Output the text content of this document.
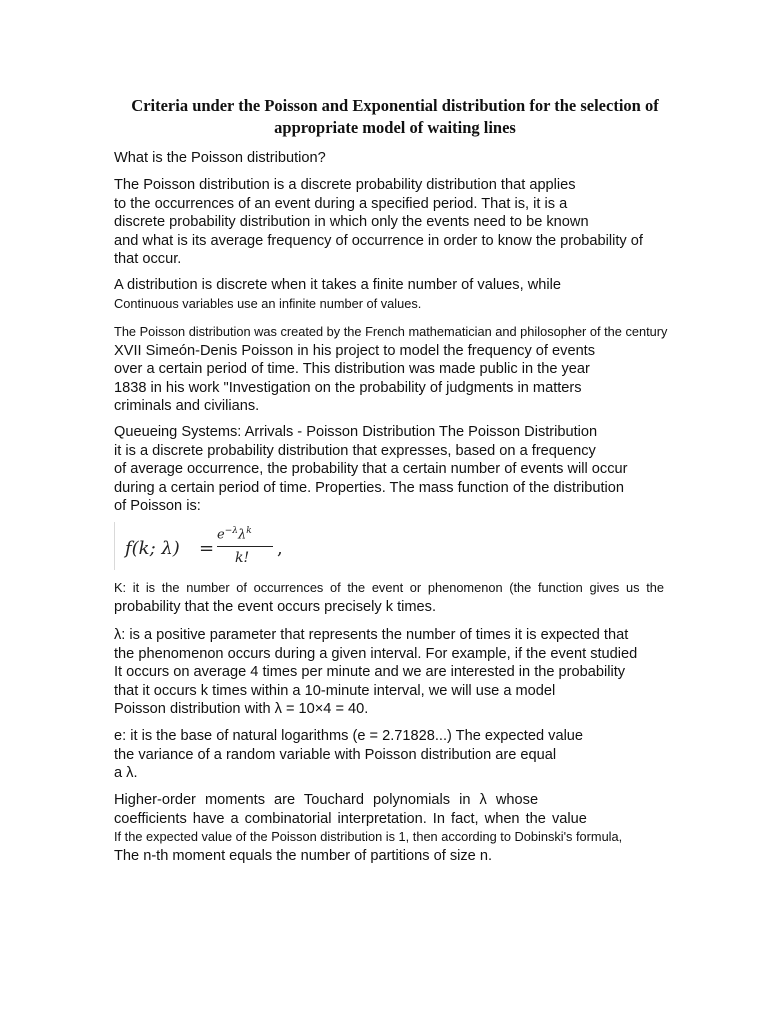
Criteria under the Poisson and Exponential distribution for the selection of
appropriate model of waiting lines
What is the Poisson distribution?
The Poisson distribution is a discrete probability distribution that applies
to the occurrences of an event during a specified period. That is, it is a
discrete probability distribution in which only the events need to be known
and what is its average frequency of occurrence in order to know the probability of
that occur.
A distribution is discrete when it takes a finite number of values, while
Continuous variables use an infinite number of values.
The Poisson distribution was created by the French mathematician and philosopher of the century
XVII Simeón-Denis Poisson in his project to model the frequency of events
over a certain period of time. This distribution was made public in the year
1838 in his work "Investigation on the probability of judgments in matters
criminals and civilians.
Queueing Systems: Arrivals - Poisson Distribution The Poisson Distribution
it is a discrete probability distribution that expresses, based on a frequency
of average occurrence, the probability that a certain number of events will occur
during a certain period of time. Properties. The mass function of the distribution
of Poisson is:
f(k; λ) =
$e^{-\lambda}\lambda^k$
k! ,
K: it is the number of occurrences of the event or phenomenon (the function gives us the
probability that the event occurs precisely k times.
λ: is a positive parameter that represents the number of times it is expected that
the phenomenon occurs during a given interval. For example, if the event studied
It occurs on average 4 times per minute and we are interested in the probability
that it occurs k times within a 10-minute interval, we will use a model
Poisson distribution with λ = 10×4 = 40.
e: it is the base of natural logarithms (e = 2.71828...) The expected value
the variance of a random variable with Poisson distribution are equal
a λ.
Higher-order moments are Touchard polynomials in λ whose
coefficients have a combinatorial interpretation. In fact, when the value
If the expected value of the Poisson distribution is 1, then according to Dobinski's formula,
The n-th moment equals the number of partitions of size n.
